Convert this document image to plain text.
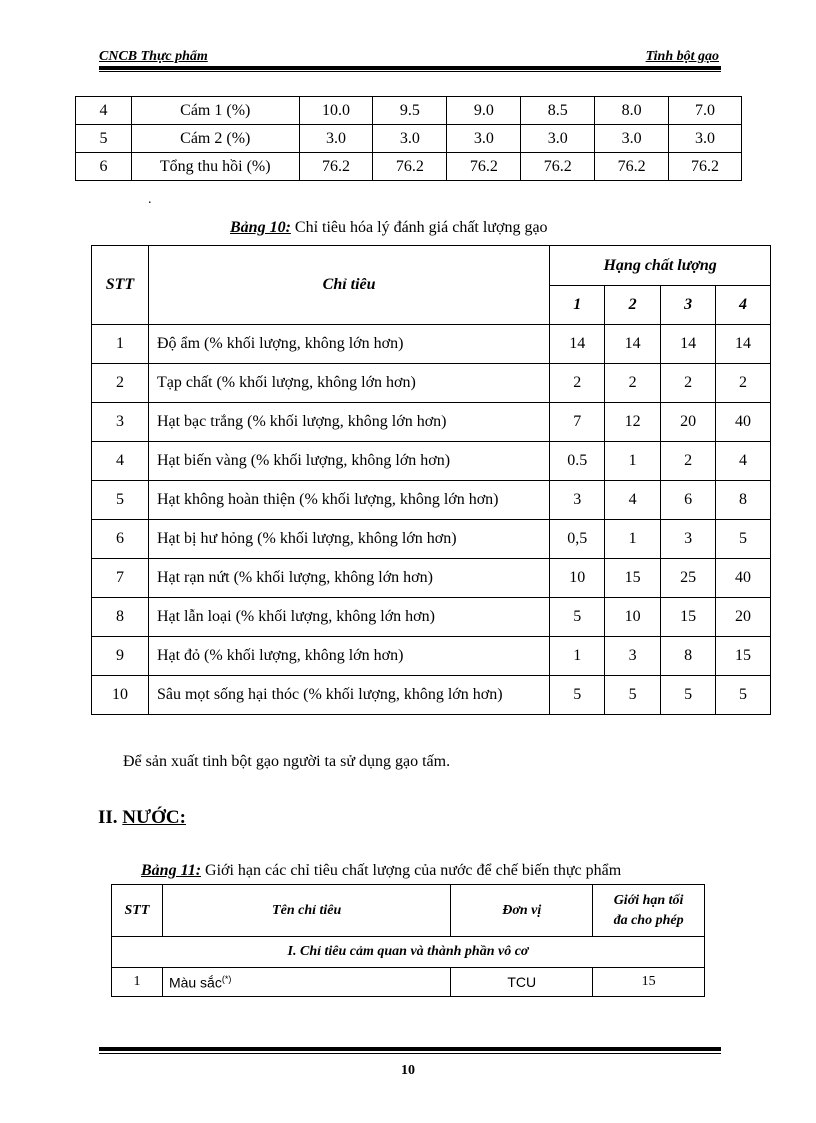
CNCB Thực phẩm	Tinh bột gạo
4	Cám 1 (%)	10.0	9.5	9.0	8.5	8.0	7.0
5	Cám 2 (%)	3.0	3.0	3.0	3.0	3.0	3.0
6	Tổng thu hồi (%)	76.2	76.2	76.2	76.2	76.2	76.2
.
Bảng 10: Chỉ tiêu hóa lý đánh giá chất lượng gạo
STT	Chỉ tiêu	Hạng chất lượng			
		1	2	3	4
1	Độ ẩm (% khối lượng, không lớn hơn)	14	14	14	14
2	Tạp chất (% khối lượng, không lớn hơn)	2	2	2	2
3	Hạt bạc trắng (% khối lượng, không lớn hơn)	7	12	20	40
4	Hạt biến vàng (% khối lượng, không lớn hơn)	0.5	1	2	4
5	Hạt không hoàn thiện (% khối lượng, không lớn hơn)	3	4	6	8
6	Hạt bị hư hỏng (% khối lượng, không lớn hơn)	0,5	1	3	5
7	Hạt rạn nứt (% khối lượng, không lớn hơn)	10	15	25	40
8	Hạt lẫn loại (% khối lượng, không lớn hơn)	5	10	15	20
9	Hạt đỏ (% khối lượng, không lớn hơn)	1	3	8	15
10	Sâu mọt sống hại thóc (% khối lượng, không lớn hơn)	5	5	5	5
Để sản xuất tinh bột gạo người ta sử dụng gạo tấm.
II. NƯỚC:
Bảng 11: Giới hạn các chỉ tiêu chất lượng của nước để chế biến thực phẩm
STT	Tên chỉ tiêu	Đơn vị	Giới hạn tối
đa cho phép
I. Chỉ tiêu cảm quan và thành phần vô cơ			
1	Màu sắc(*)	TCU	15
10
